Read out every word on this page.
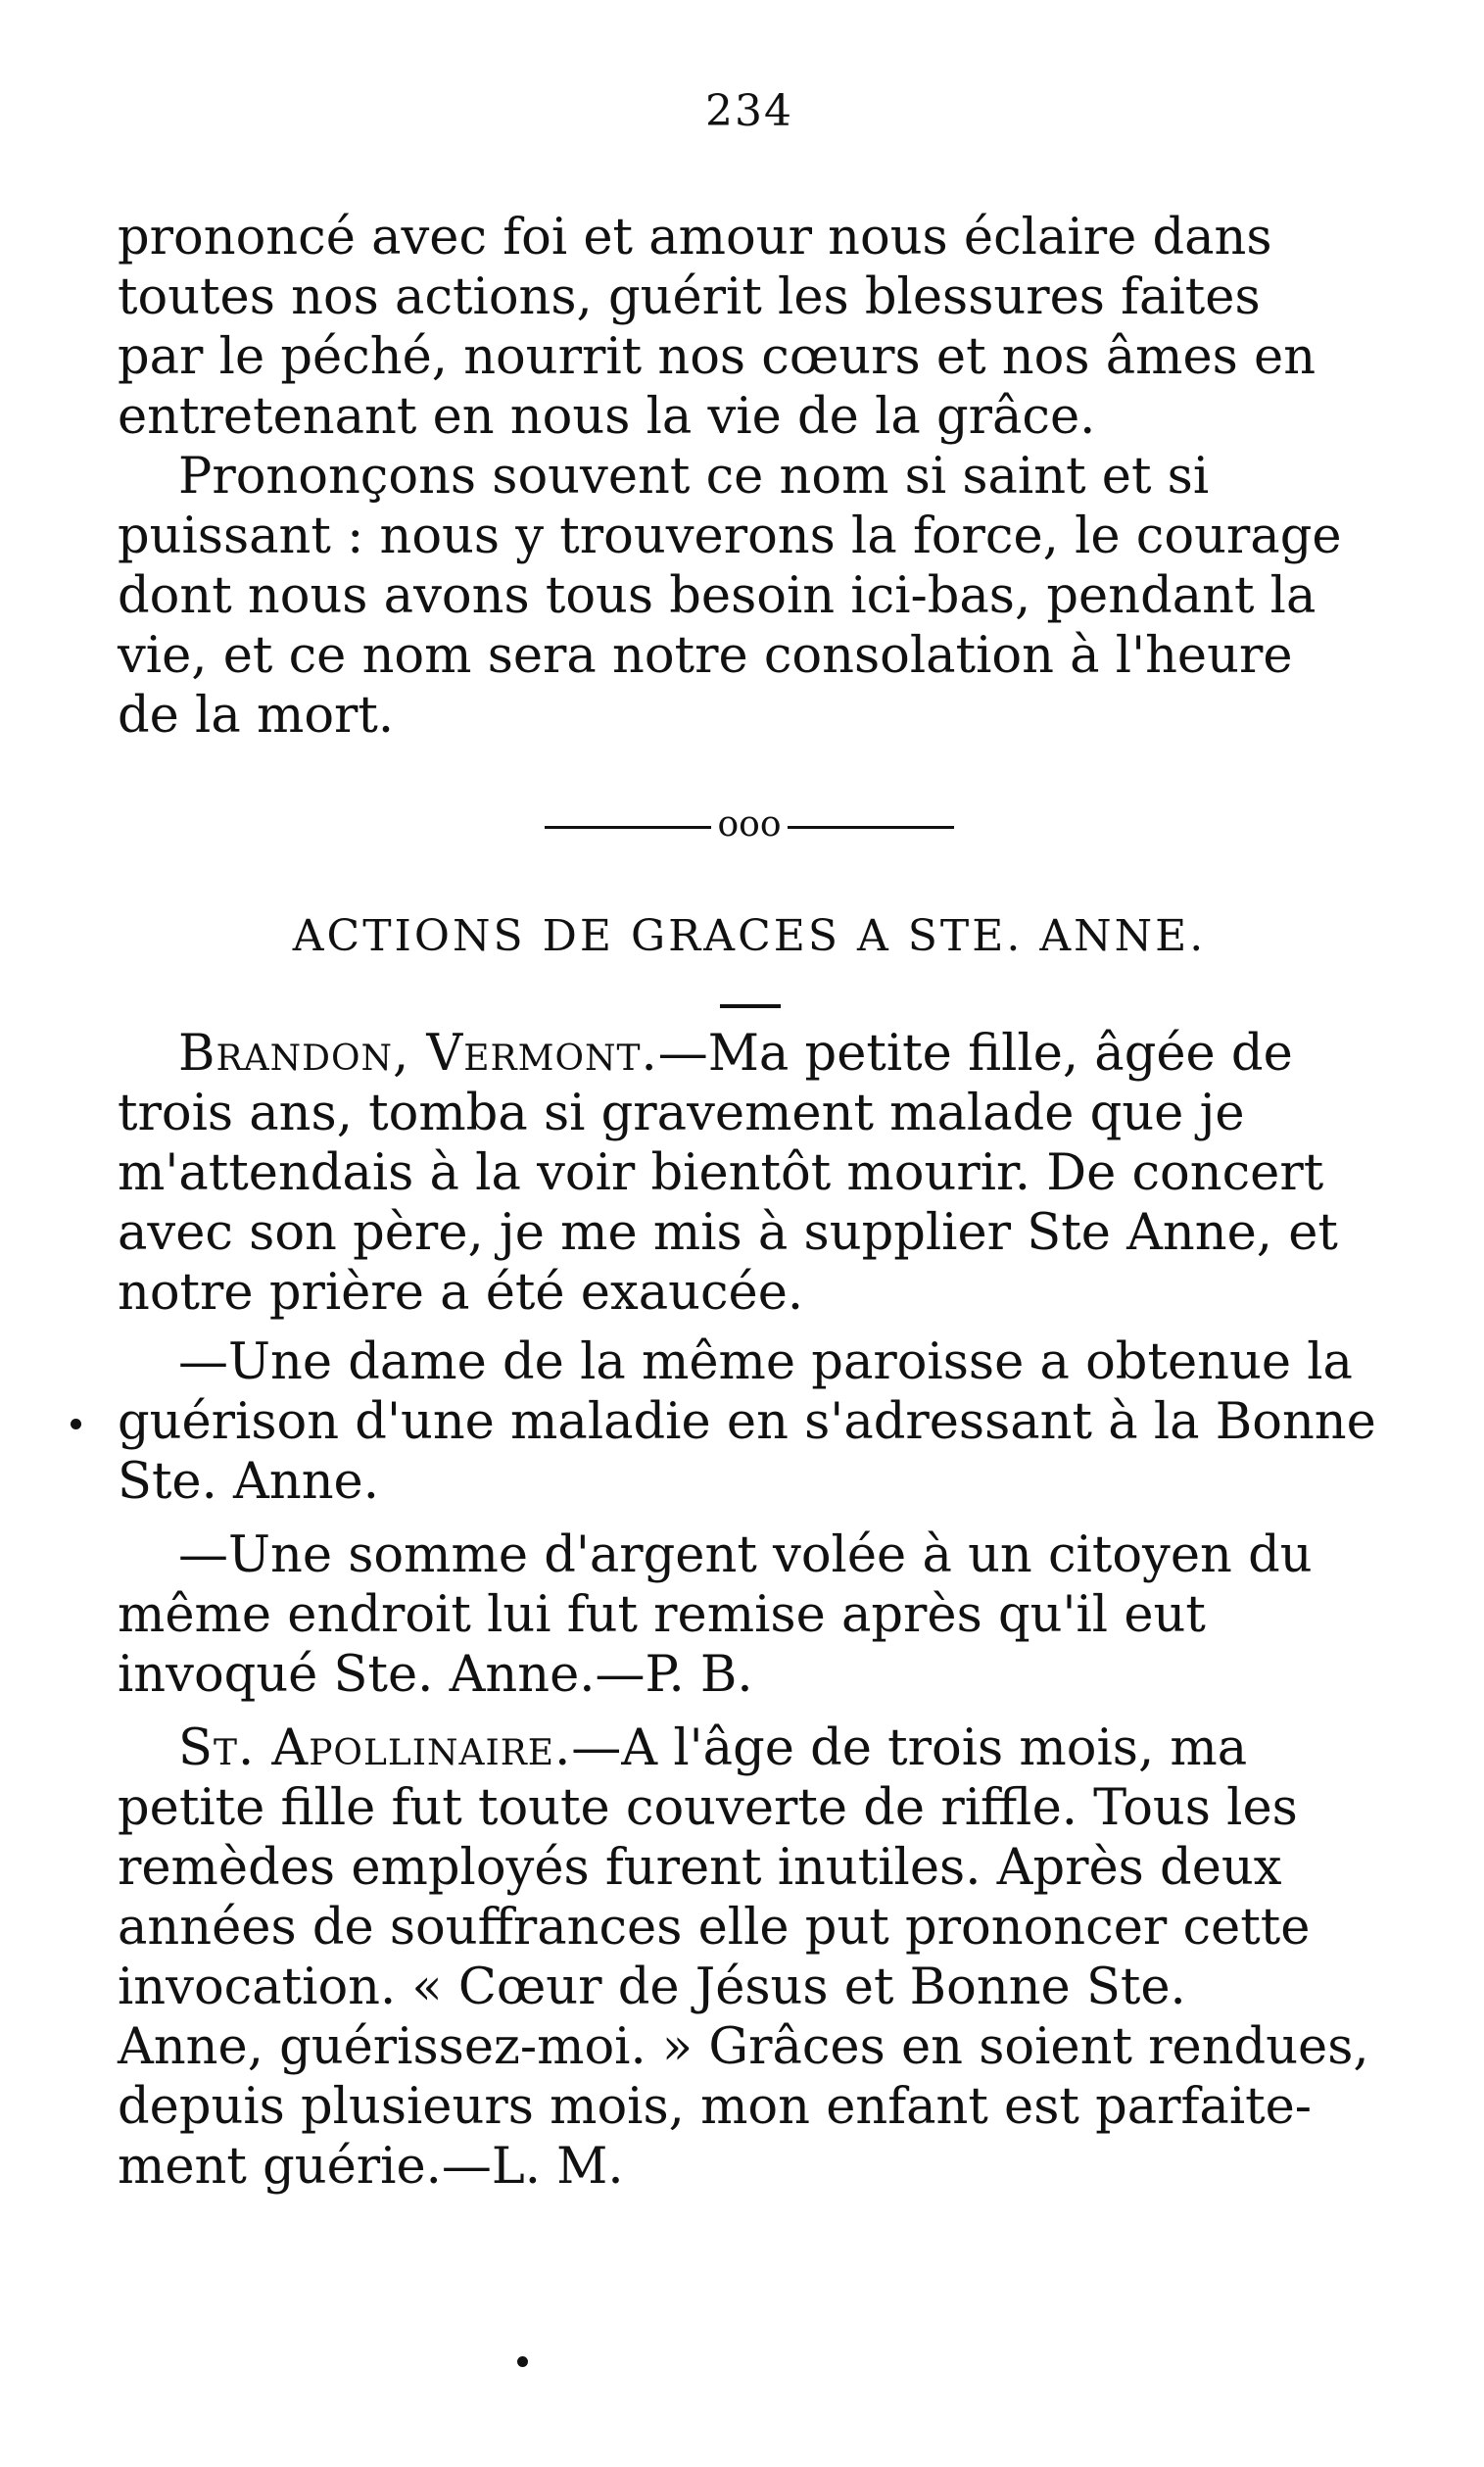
234

prononcé avec foi et amour nous éclaire dans
toutes nos actions, guérit les blessures faites
par le péché, nourrit nos cœurs et nos âmes en
entretenant en nous la vie de la grâce.

Prononçons souvent ce nom si saint et si
puissant : nous y trouverons la force, le courage
dont nous avons tous besoin ici-bas, pendant la
vie, et ce nom sera notre consolation à l'heure
de la mort.

ooo
ACTIONS DE GRACES A STE. ANNE.

Brandon, Vermont.—Ma petite fille, âgée de
trois ans, tomba si gravement malade que je
m'attendais à la voir bientôt mourir. De concert
avec son père, je me mis à supplier Ste Anne, et
notre prière a été exaucée.

—Une dame de la même paroisse a obtenue la
guérison d'une maladie en s'adressant à la Bonne
Ste. Anne.

—Une somme d'argent volée à un citoyen du
même endroit lui fut remise après qu'il eut
invoqué Ste. Anne.—P. B.

St. Apollinaire.—A l'âge de trois mois, ma
petite fille fut toute couverte de riffle. Tous les
remèdes employés furent inutiles. Après deux
années de souffrances elle put prononcer cette
invocation. « Cœur de Jésus et Bonne Ste.
Anne, guérissez-moi. » Grâces en soient rendues,
depuis plusieurs mois, mon enfant est parfaite-
ment guérie.—L. M.
